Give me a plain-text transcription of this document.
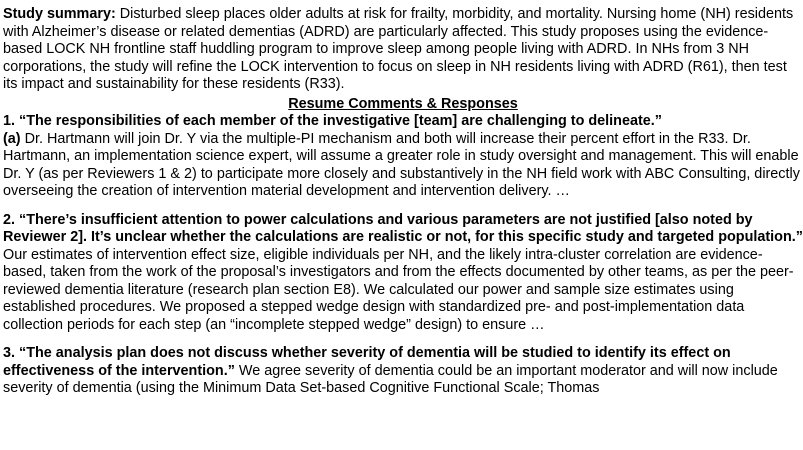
Study summary: Disturbed sleep places older adults at risk for frailty, morbidity, and mortality. Nursing home (NH) residents with Alzheimer’s disease or related dementias (ADRD) are particularly affected. This study proposes using the evidence-based LOCK NH frontline staff huddling program to improve sleep among people living with ADRD. In NHs from 3 NH corporations, the study will refine the LOCK intervention to focus on sleep in NH residents living with ADRD (R61), then test its impact and sustainability for these residents (R33).

Resume Comments & Responses

1. “The responsibilities of each member of the investigative [team] are challenging to delineate.”

(a) Dr. Hartmann will join Dr. Y via the multiple-PI mechanism and both will increase their percent effort in the R33. Dr. Hartmann, an implementation science expert, will assume a greater role in study oversight and management. This will enable Dr. Y (as per Reviewers 1 & 2) to participate more closely and substantively in the NH field work with ABC Consulting, directly overseeing the creation of intervention material development and intervention delivery. …

2. “There’s insufficient attention to power calculations and various parameters are not justified [also noted by Reviewer 2]. It’s unclear whether the calculations are realistic or not, for this specific study and targeted population.” Our estimates of intervention effect size, eligible individuals per NH, and the likely intra-cluster correlation are evidence-based, taken from the work of the proposal’s investigators and from the effects documented by other teams, as per the peer-reviewed dementia literature (research plan section E8). We calculated our power and sample size estimates using established procedures. We proposed a stepped wedge design with standardized pre- and post-implementation data collection periods for each step (an “incomplete stepped wedge” design) to ensure …

3. “The analysis plan does not discuss whether severity of dementia will be studied to identify its effect on effectiveness of the intervention.” We agree severity of dementia could be an important moderator and will now include severity of dementia (using the Minimum Data Set-based Cognitive Functional Scale; Thomas
